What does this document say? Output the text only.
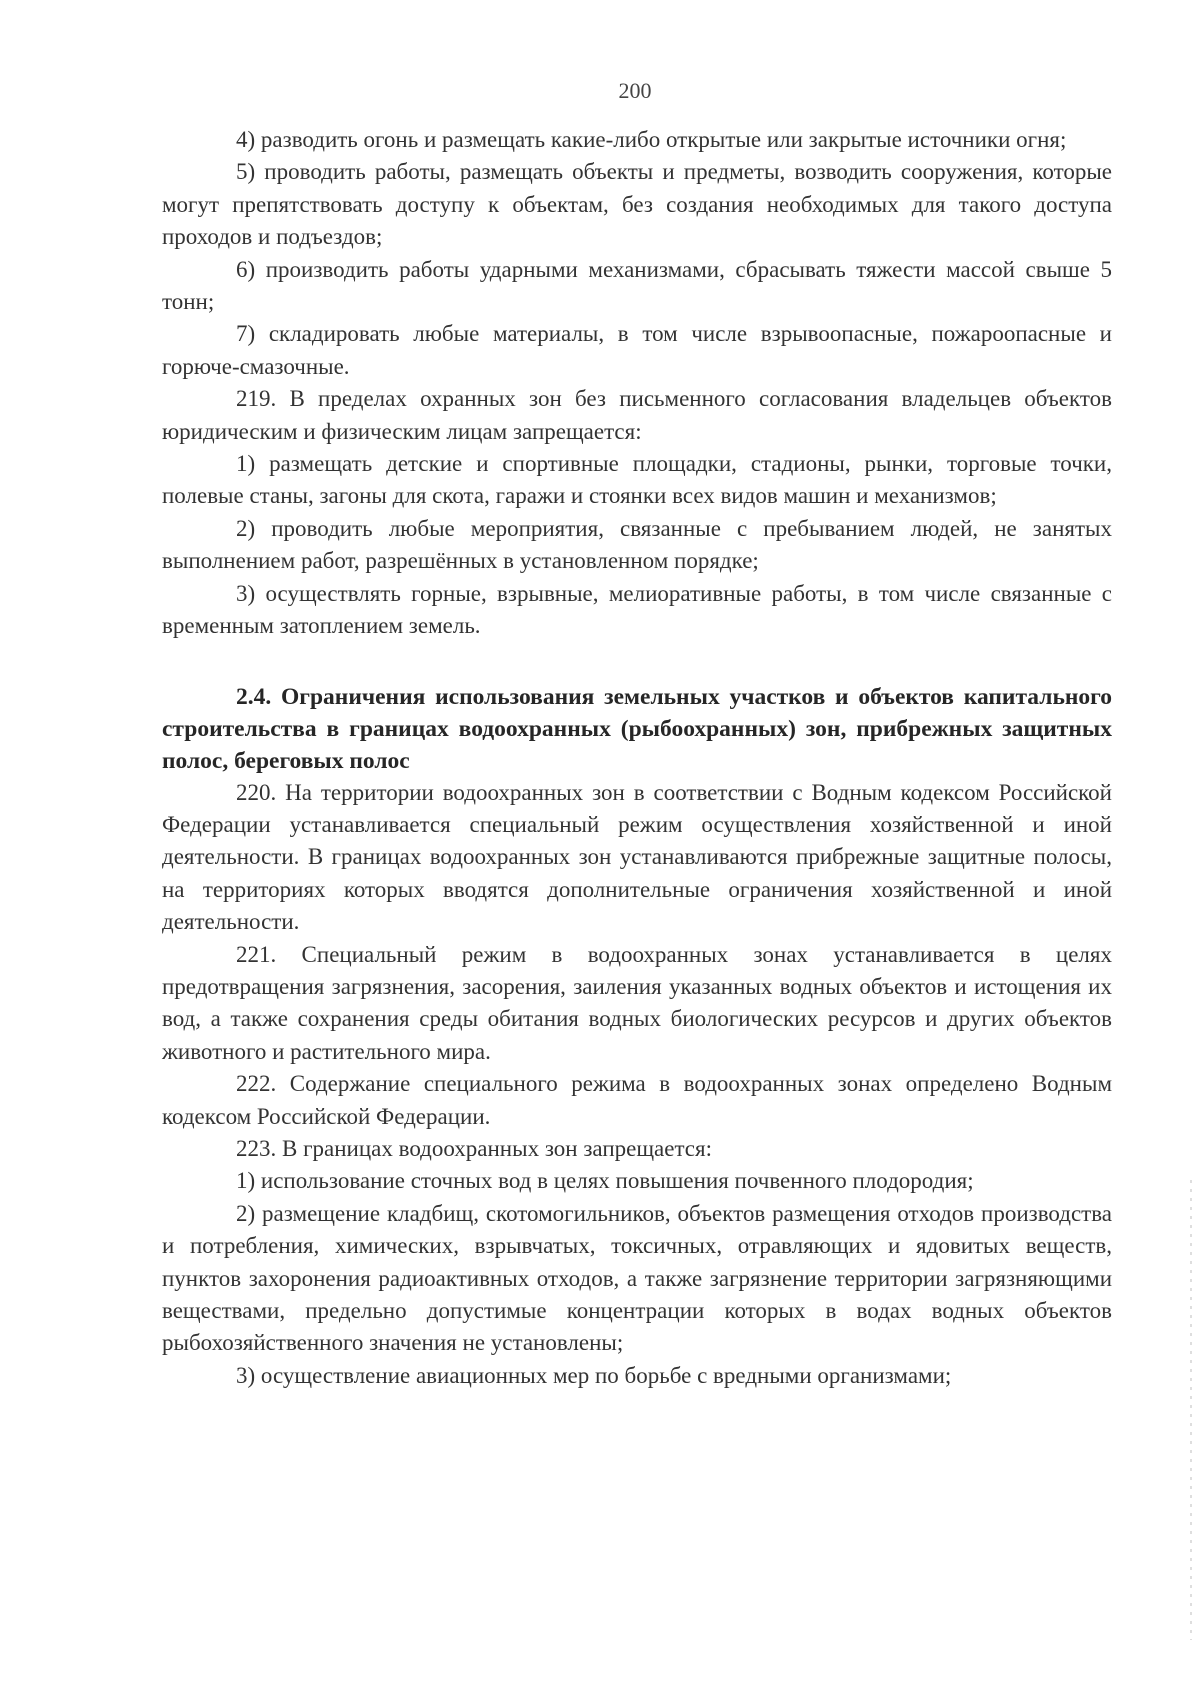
200

4) разводить огонь и размещать какие-либо открытые или закрытые источники огня;

5) проводить работы, размещать объекты и предметы, возводить сооружения, которые могут препятствовать доступу к объектам, без создания необходимых для такого доступа проходов и подъездов;

6) производить работы ударными механизмами, сбрасывать тяжести массой свыше 5 тонн;

7) складировать любые материалы, в том числе взрывоопасные, пожароопасные и горюче-смазочные.

219. В пределах охранных зон без письменного согласования владельцев объектов юридическим и физическим лицам запрещается:

1) размещать детские и спортивные площадки, стадионы, рынки, торговые точки, полевые станы, загоны для скота, гаражи и стоянки всех видов машин и механизмов;

2) проводить любые мероприятия, связанные с пребыванием людей, не занятых выполнением работ, разрешённых в установленном порядке;

3) осуществлять горные, взрывные, мелиоративные работы, в том числе связанные с временным затоплением земель.

2.4. Ограничения использования земельных участков и объектов капитального строительства в границах водоохранных (рыбоохранных) зон, прибрежных защитных полос, береговых полос

220. На территории водоохранных зон в соответствии с Водным кодексом Российской Федерации устанавливается специальный режим осуществления хозяйственной и иной деятельности. В границах водоохранных зон устанавливаются прибрежные защитные полосы, на территориях которых вводятся дополнительные ограничения хозяйственной и иной деятельности.

221. Специальный режим в водоохранных зонах устанавливается в целях предотвращения загрязнения, засорения, заиления указанных водных объектов и истощения их вод, а также сохранения среды обитания водных биологических ресурсов и других объектов животного и растительного мира.

222. Содержание специального режима в водоохранных зонах определено Водным кодексом Российской Федерации.

223. В границах водоохранных зон запрещается:

1) использование сточных вод в целях повышения почвенного плодородия;

2) размещение кладбищ, скотомогильников, объектов размещения отходов производства и потребления, химических, взрывчатых, токсичных, отравляющих и ядовитых веществ, пунктов захоронения радиоактивных отходов, а также загрязнение территории загрязняющими веществами, предельно допустимые концентрации которых в водах водных объектов рыбохозяйственного значения не установлены;

3) осуществление авиационных мер по борьбе с вредными организмами;
